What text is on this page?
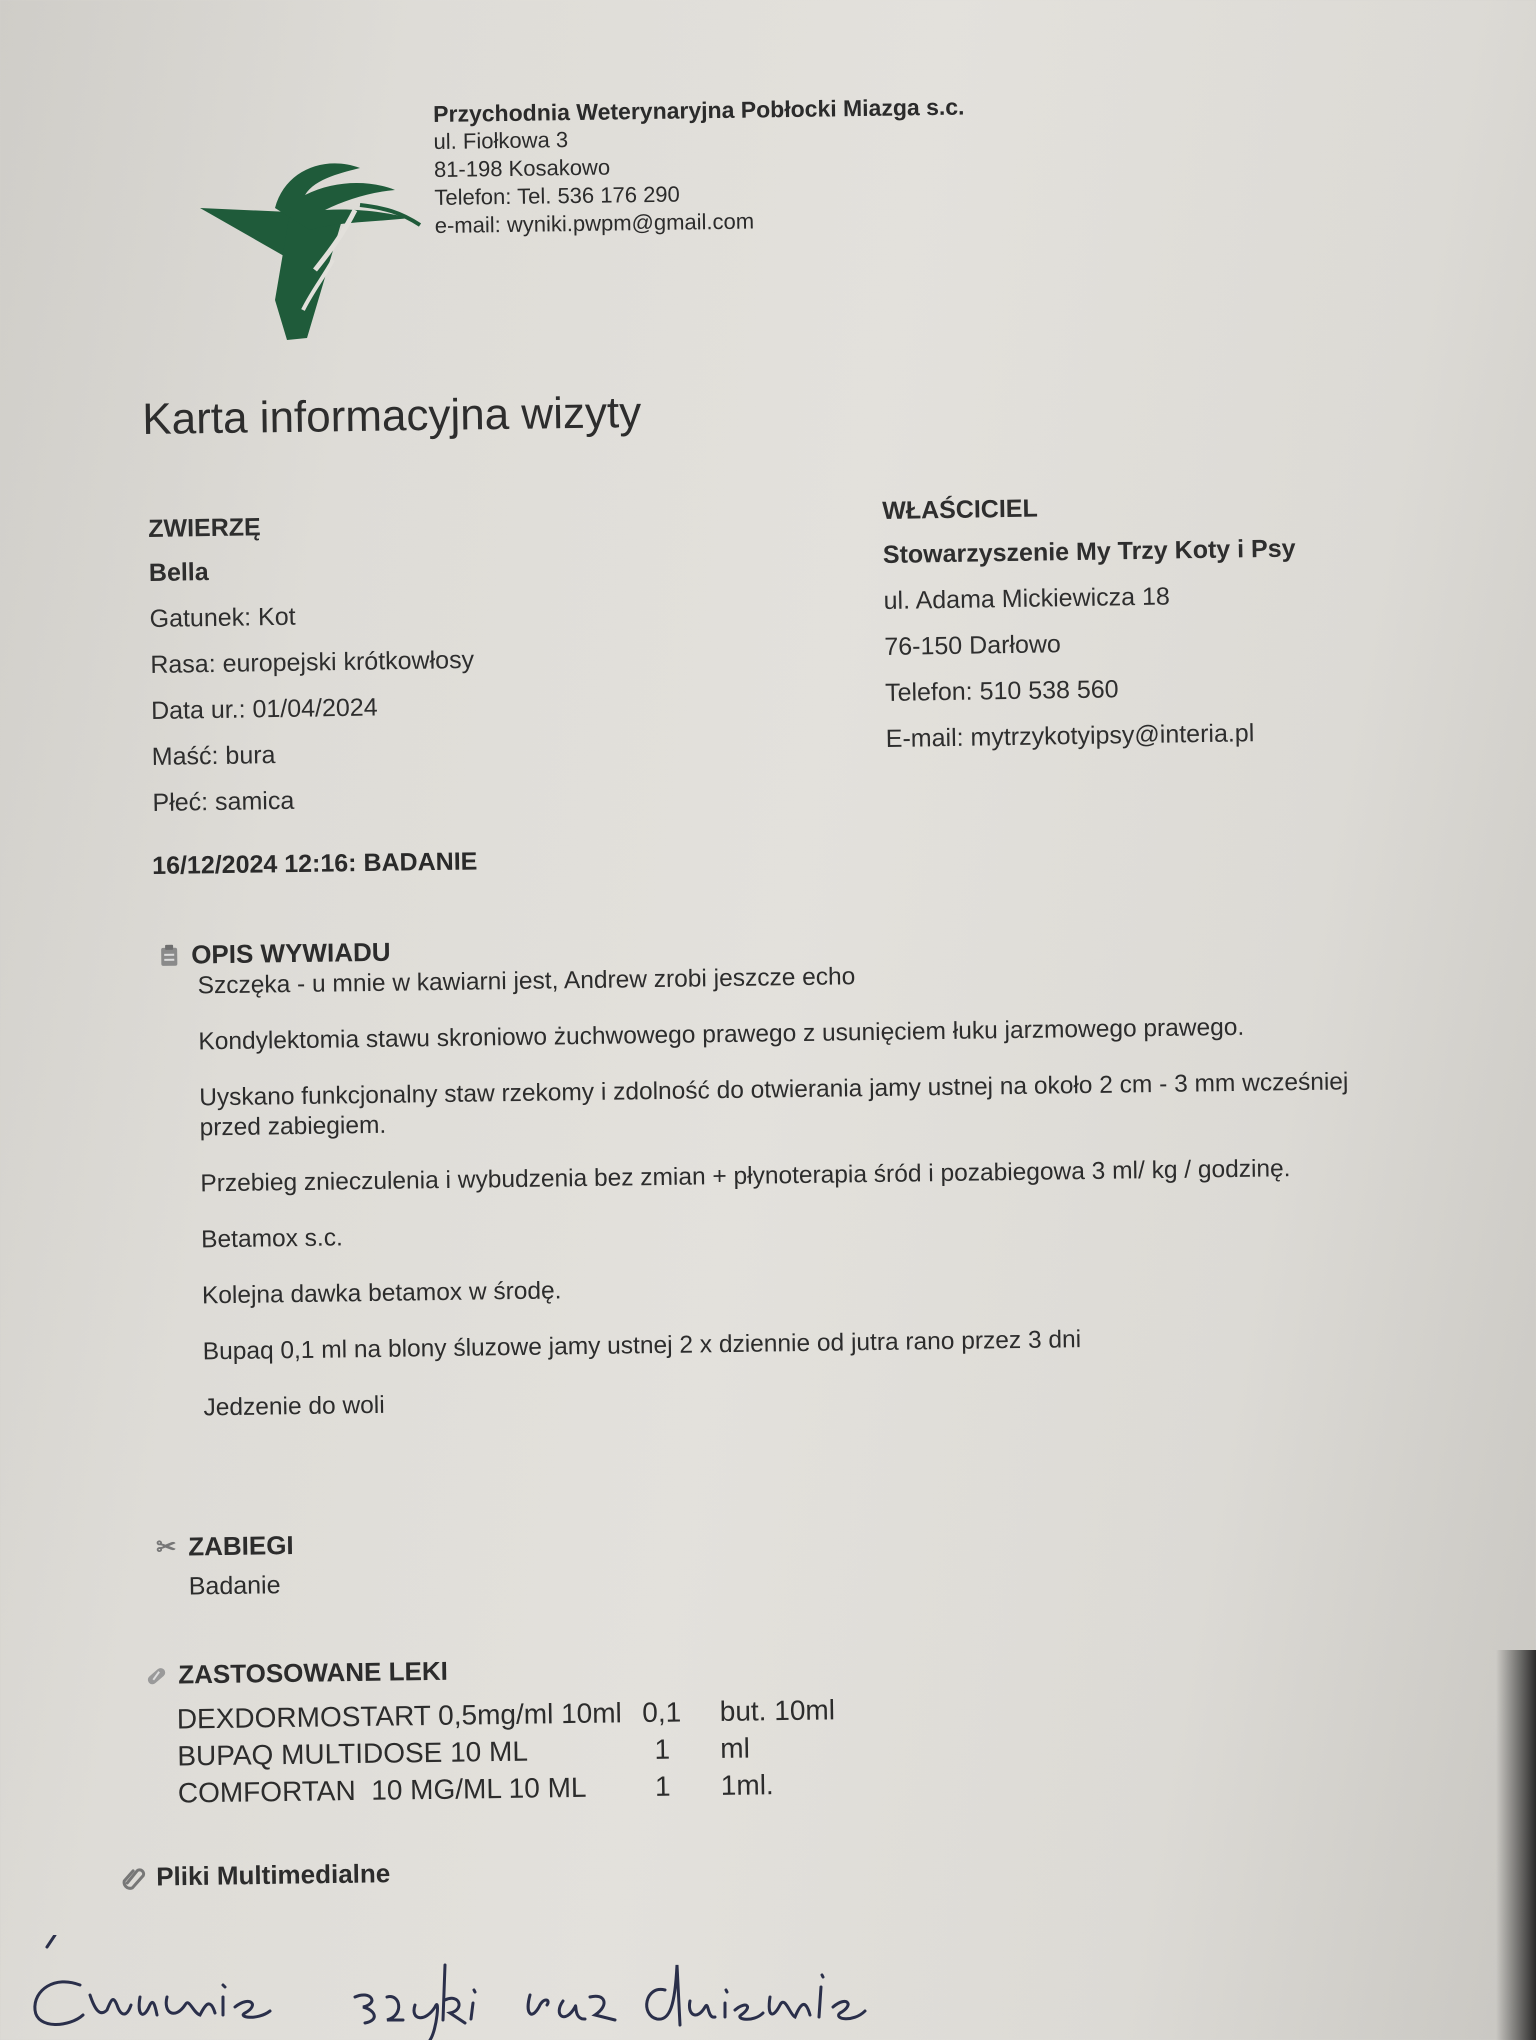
Przychodnia Weterynaryjna Pobłocki Miazga s.c.
ul. Fiołkowa 3
81-198 Kosakowo
Telefon: Tel. 536 176 290
e-mail: wyniki.pwpm@gmail.com
Karta informacyjna wizyty
ZWIERZĘ
Bella
Gatunek: Kot
Rasa: europejski krótkowłosy
Data ur.: 01/04/2024
Maść: bura
Płeć: samica
WŁAŚCICIEL
Stowarzyszenie My Trzy Koty i Psy
ul. Adama Mickiewicza 18
76-150 Darłowo
Telefon: 510 538 560
E-mail: mytrzykotyipsy@interia.pl
16/12/2024 12:16: BADANIE
OPIS WYWIADU

Szczęka - u mnie w kawiarni jest, Andrew zrobi jeszcze echo

Kondylektomia stawu skroniowo żuchwowego prawego z usunięciem łuku jarzmowego prawego.

Uyskano funkcjonalny staw rzekomy i zdolność do otwierania jamy ustnej na około 2 cm - 3 mm wcześniej

przed zabiegiem.

Przebieg znieczulenia i wybudzenia bez zmian + płynoterapia śród i pozabiegowa 3 ml/ kg / godzinę.

Betamox s.c.

Kolejna dawka betamox w środę.

Bupaq 0,1 ml na blony śluzowe jamy ustnej 2 x dziennie od jutra rano przez 3 dni

Jedzenie do woli

✂ ZABIEGI
Badanie
ZASTOSOWANE LEKI
DEXDORMOSTART 0,5mg/ml 10ml	0,1	but. 10ml
BUPAQ MULTIDOSE 10 ML	1	ml
COMFORTAN  10 MG/ML 10 ML	1	1ml.
Pliki Multimedialne
